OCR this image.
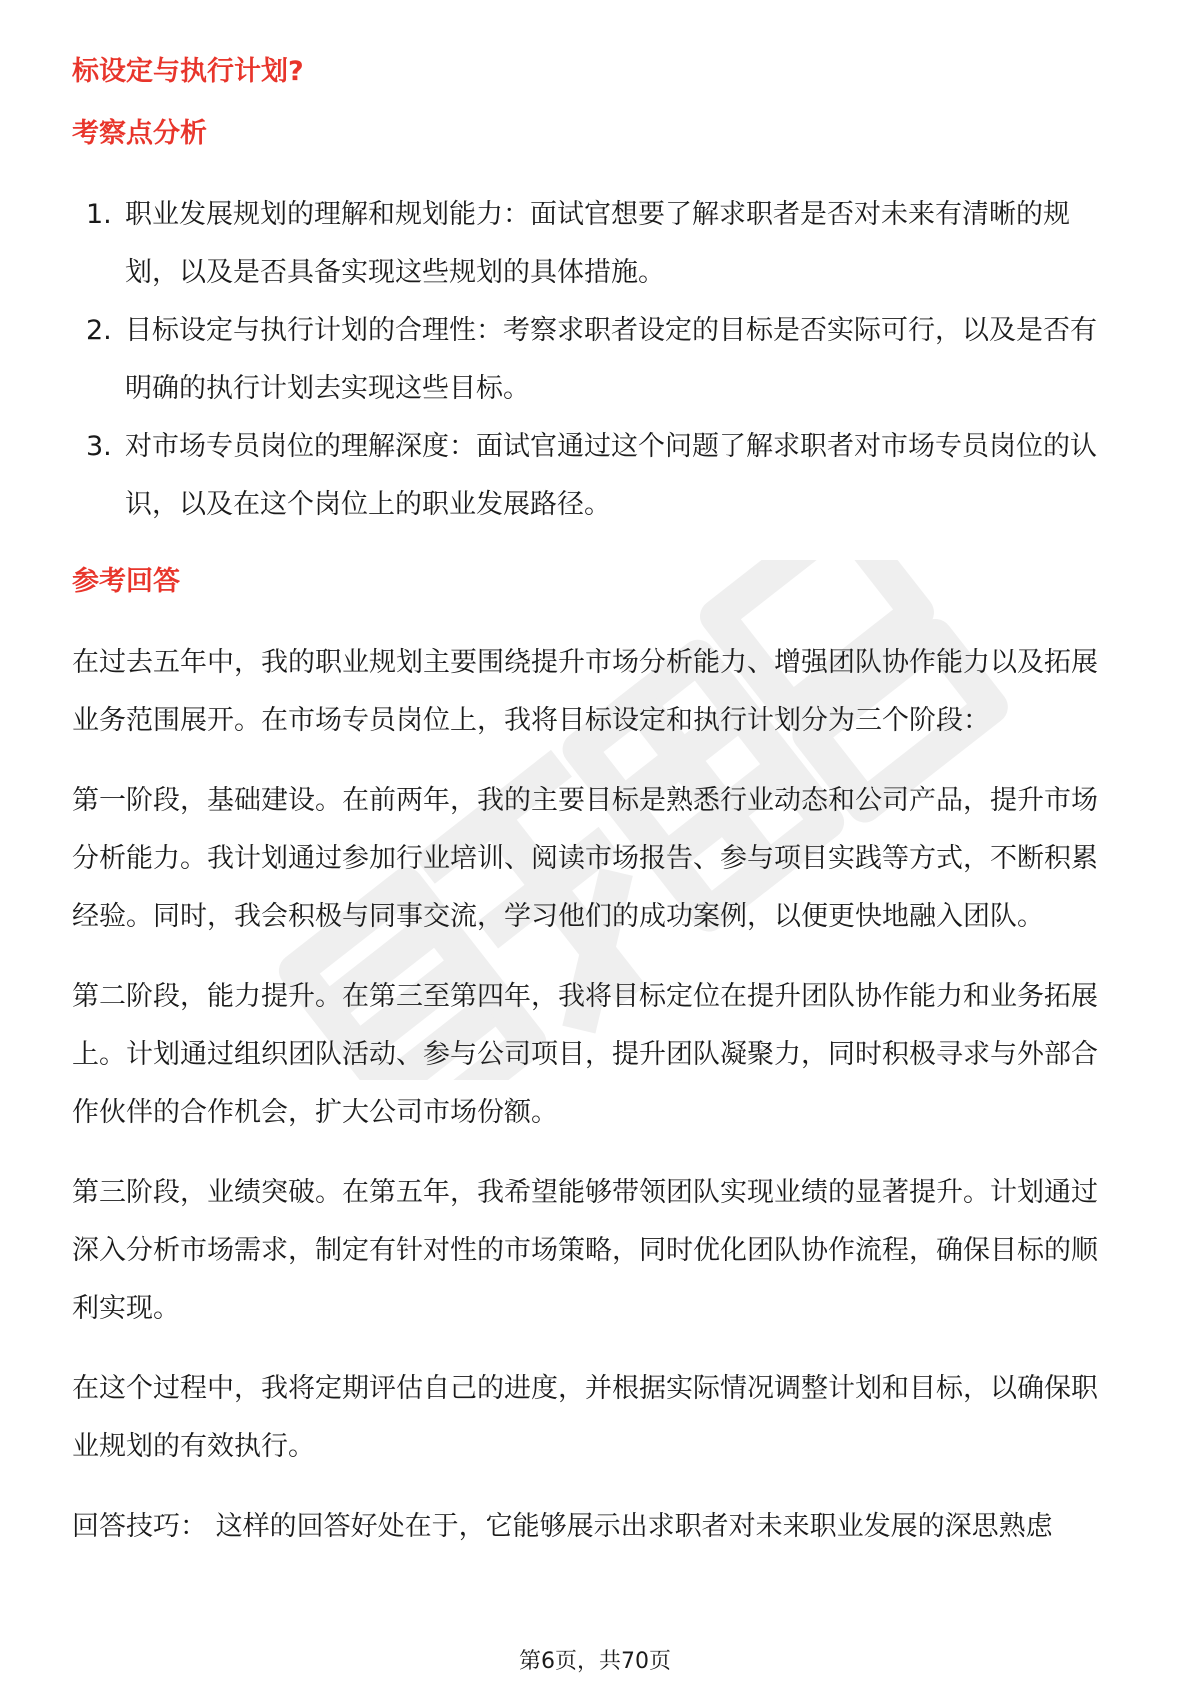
标设定与执行计划?
考察点分析
1. 职业发展规划的理解和规划能力：面试官想要了解求职者是否对未来有清晰的规划，以及是否具备实现这些规划的具体措施。
2. 目标设定与执行计划的合理性：考察求职者设定的目标是否实际可行，以及是否有明确的执行计划去实现这些目标。
3. 对市场专员岗位的理解深度：面试官通过这个问题了解求职者对市场专员岗位的认识，以及在这个岗位上的职业发展路径。
参考回答

在过去五年中，我的职业规划主要围绕提升市场分析能力、增强团队协作能力以及拓展业务范围展开。在市场专员岗位上，我将目标设定和执行计划分为三个阶段：

第一阶段，基础建设。在前两年，我的主要目标是熟悉行业动态和公司产品，提升市场分析能力。我计划通过参加行业培训、阅读市场报告、参与项目实践等方式，不断积累经验。同时，我会积极与同事交流，学习他们的成功案例，以便更快地融入团队。

第二阶段，能力提升。在第三至第四年，我将目标定位在提升团队协作能力和业务拓展上。计划通过组织团队活动、参与公司项目，提升团队凝聚力，同时积极寻求与外部合作伙伴的合作机会，扩大公司市场份额。

第三阶段，业绩突破。在第五年，我希望能够带领团队实现业绩的显著提升。计划通过深入分析市场需求，制定有针对性的市场策略，同时优化团队协作流程，确保目标的顺利实现。

在这个过程中，我将定期评估自己的进度，并根据实际情况调整计划和目标，以确保职业规划的有效执行。

回答技巧： 这样的回答好处在于，它能够展示出求职者对未来职业发展的深思熟虑

第6页，共70页
